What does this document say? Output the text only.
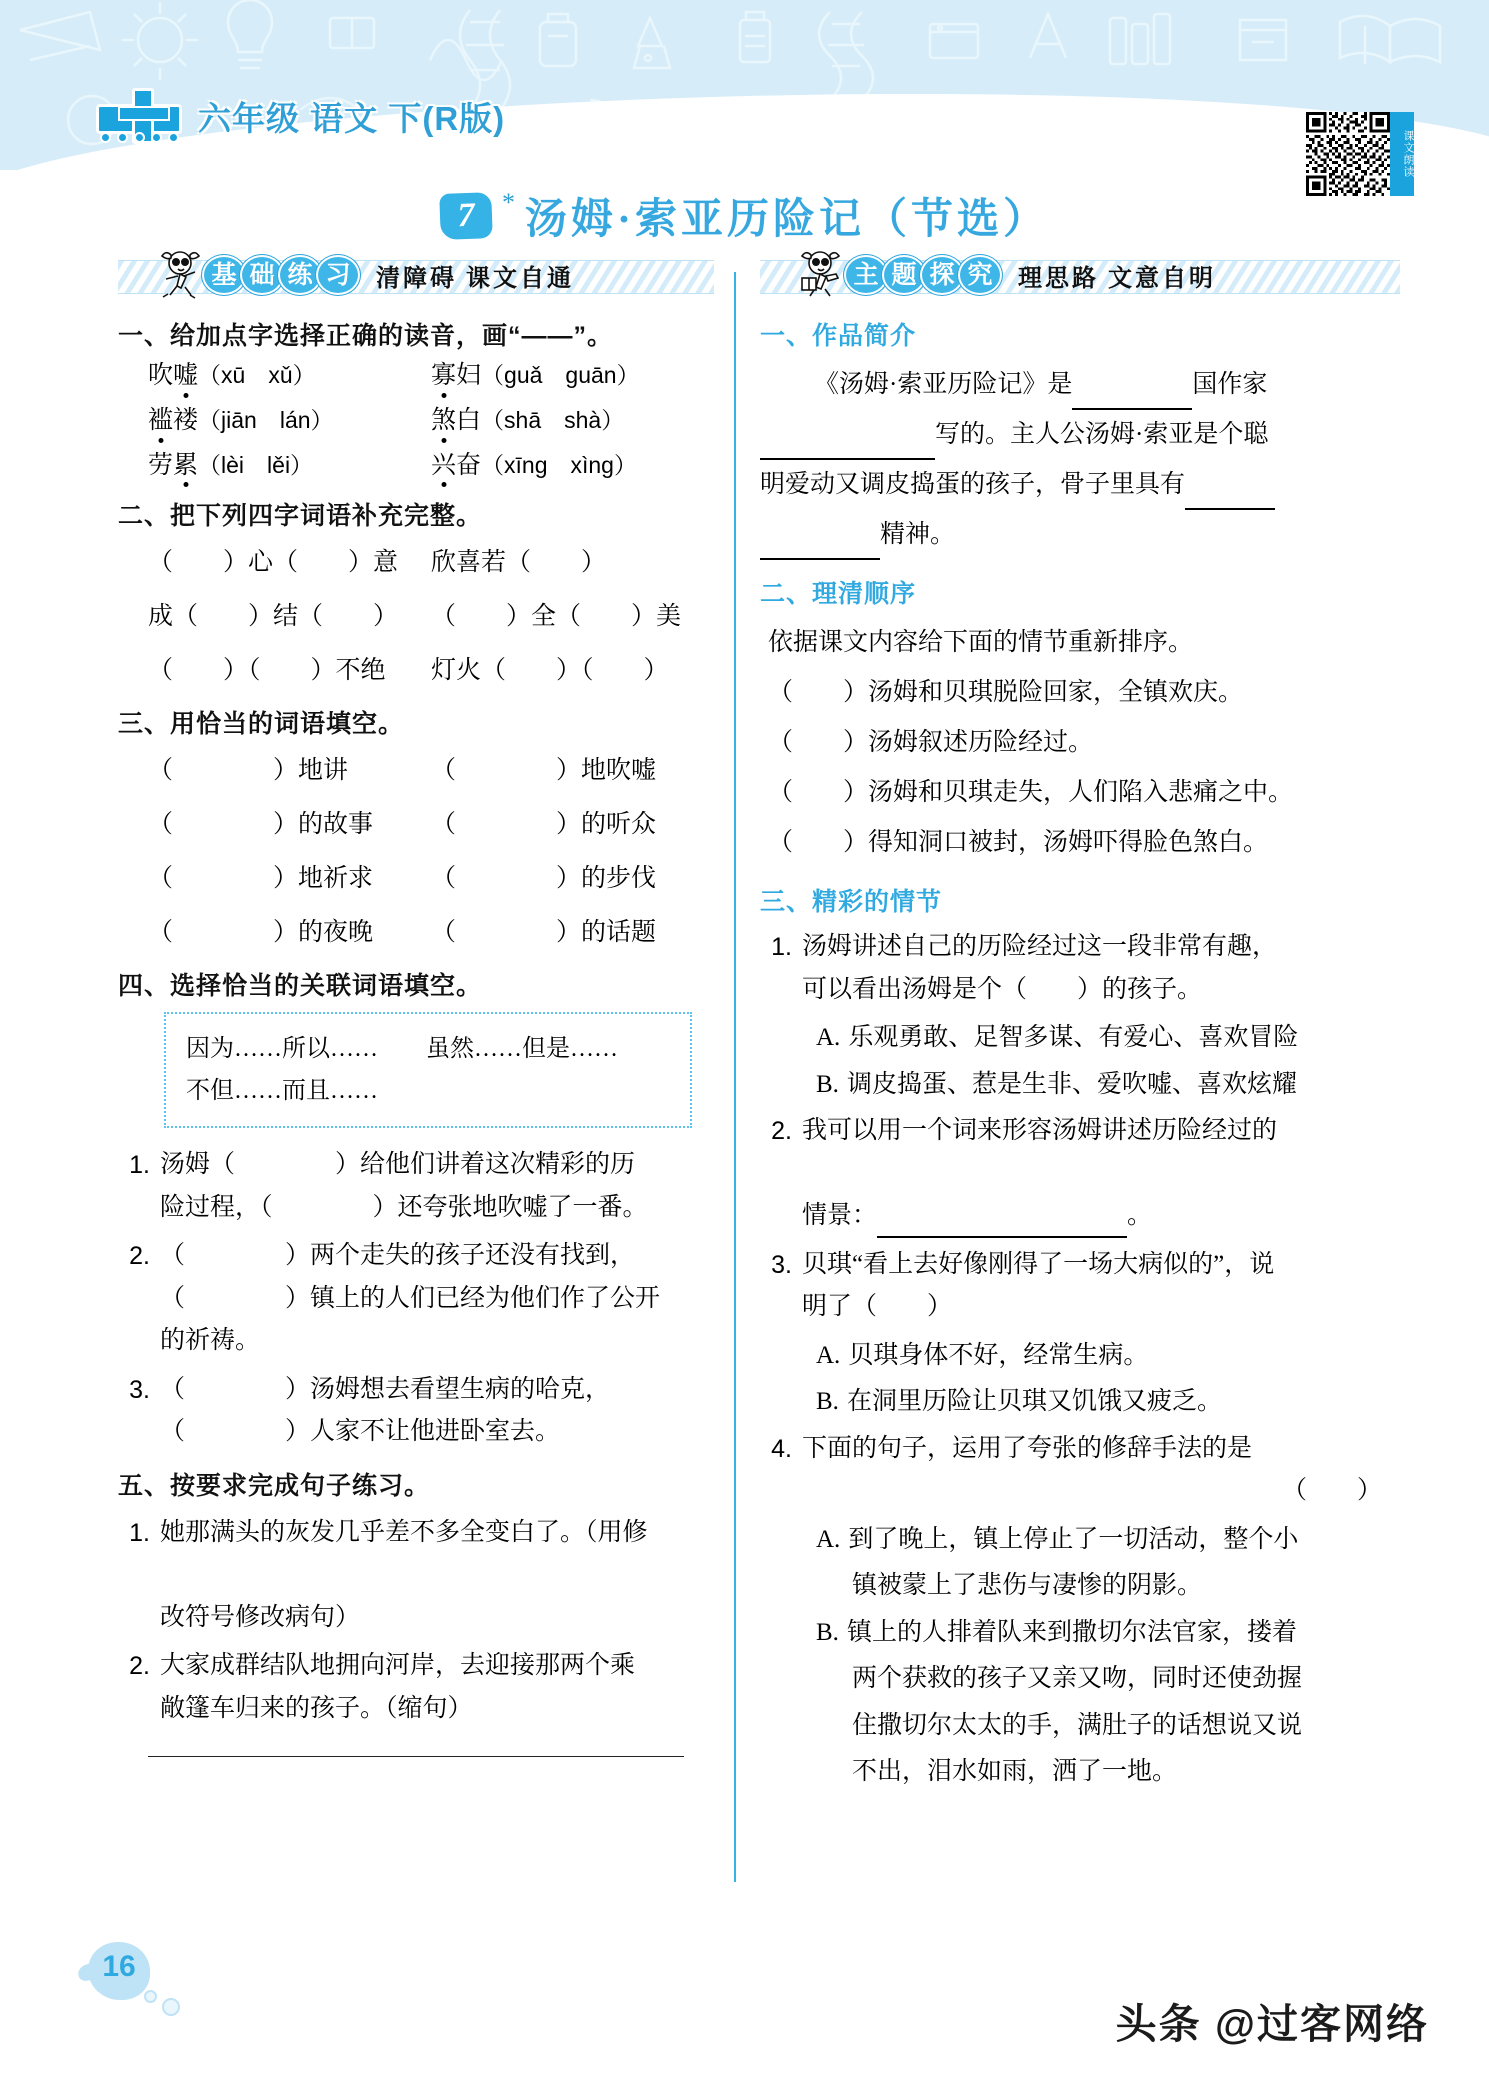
六年级 语文 下(R版)
课文朗读
7	* 汤姆·索亚历险记（节选）
基 础 练 习	清障碍 课文自通
一、给加点字选择正确的读音，画“——”。
吹嘘（xū　xǔ）	寡妇（guǎ　guān）
褴褛（jiān　lán）	煞白（shā　shà）
劳累（lèi　lěi）	兴奋（xīng　xìng）
二、把下列四字词语补充完整。
（　　）心（　　）意	欣喜若（　　）
成（　　）结（　　）	（　　）全（　　）美
（　　）（　　）不绝	灯火（　　）（　　）
三、用恰当的词语填空。
（　　　　）地讲	（　　　　）地吹嘘
（　　　　）的故事	（　　　　）的听众
（　　　　）地祈求	（　　　　）的步伐
（　　　　）的夜晚	（　　　　）的话题
四、选择恰当的关联词语填空。
因为……所以……　　虽然……但是……
不但……而且……
1. 汤姆（　　　　）给他们讲着这次精彩的历
险过程，（　　　　）还夸张地吹嘘了一番。
2. （　　　　）两个走失的孩子还没有找到，
（　　　　）镇上的人们已经为他们作了公开
的祈祷。
3. （　　　　）汤姆想去看望生病的哈克，
（　　　　）人家不让他进卧室去。
五、按要求完成句子练习。
1. 她那满头的灰发几乎差不多全变白了。（用修

改符号修改病句）
2. 大家成群结队地拥向河岸，去迎接那两个乘
敞篷车归来的孩子。（缩句）
主 题 探 究	理思路 文意自明
一、作品简介
《汤姆·索亚历险记》是	国作家
写的。主人公汤姆·索亚是个聪
明爱动又调皮捣蛋的孩子，骨子里具有
精神。
二、理清顺序
依据课文内容给下面的情节重新排序。
（　　）汤姆和贝琪脱险回家，全镇欢庆。
（　　）汤姆叙述历险经过。
（　　）汤姆和贝琪走失，人们陷入悲痛之中。
（　　）得知洞口被封，汤姆吓得脸色煞白。
三、精彩的情节
1. 汤姆讲述自己的历险经过这一段非常有趣，
可以看出汤姆是个（　　）的孩子。
A. 乐观勇敢、足智多谋、有爱心、喜欢冒险
B. 调皮捣蛋、惹是生非、爱吹嘘、喜欢炫耀
2. 我可以用一个词来形容汤姆讲述历险经过的

情景：	。
3. 贝琪“看上去好像刚得了一场大病似的”，说
明了（　　）
A. 贝琪身体不好，经常生病。
B. 在洞里历险让贝琪又饥饿又疲乏。
4. 下面的句子，运用了夸张的修辞手法的是

（　　）
A. 到了晚上，镇上停止了一切活动，整个小
镇被蒙上了悲伤与凄惨的阴影。
B. 镇上的人排着队来到撒切尔法官家，搂着
两个获救的孩子又亲又吻，同时还使劲握
住撒切尔太太的手，满肚子的话想说又说
不出，泪水如雨，洒了一地。
16
头条 @过客网络
